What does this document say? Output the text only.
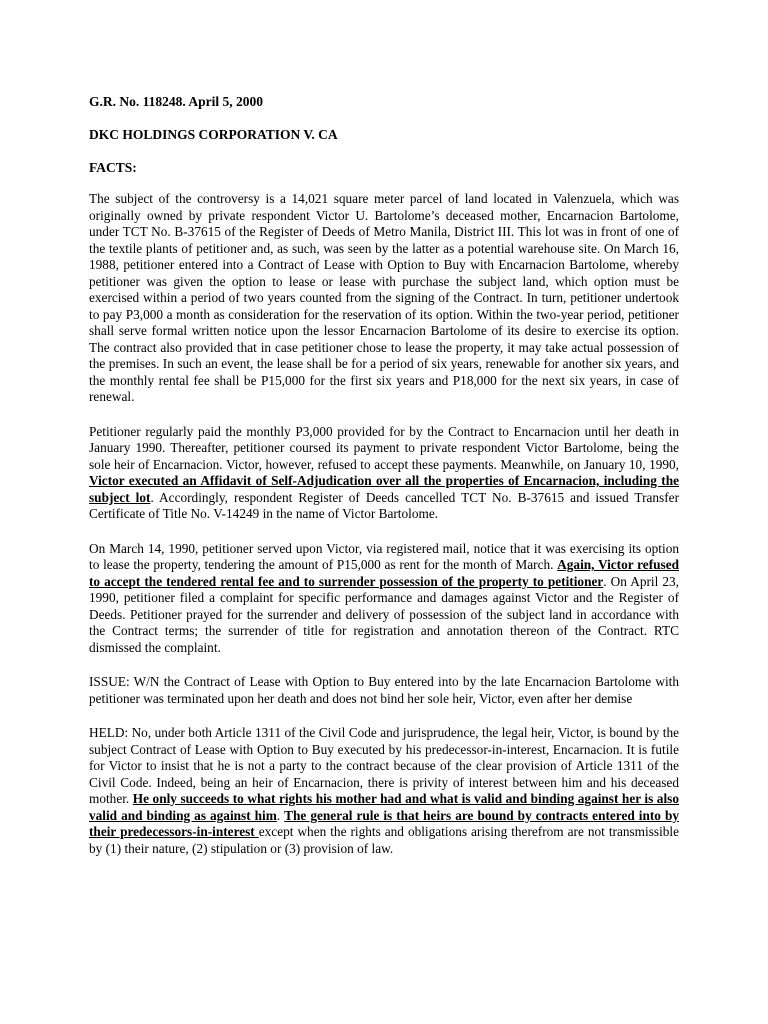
G.R. No. 118248. April 5, 2000

DKC HOLDINGS CORPORATION V. CA

FACTS:

The subject of the controversy is a 14,021 square meter parcel of land located in Valenzuela, which was originally owned by private respondent Victor U. Bartolome’s deceased mother, Encarnacion Bartolome, under TCT No. B-37615 of the Register of Deeds of Metro Manila, District III. This lot was in front of one of the textile plants of petitioner and, as such, was seen by the latter as a potential warehouse site. On March 16, 1988, petitioner entered into a Contract of Lease with Option to Buy with Encarnacion Bartolome, whereby petitioner was given the option to lease or lease with purchase the subject land, which option must be exercised within a period of two years counted from the signing of the Contract. In turn, petitioner undertook to pay P3,000 a month as consideration for the reservation of its option. Within the two-year period, petitioner shall serve formal written notice upon the lessor Encarnacion Bartolome of its desire to exercise its option. The contract also provided that in case petitioner chose to lease the property, it may take actual possession of the premises. In such an event, the lease shall be for a period of six years, renewable for another six years, and the monthly rental fee shall be P15,000 for the first six years and P18,000 for the next six years, in case of renewal.

Petitioner regularly paid the monthly P3,000 provided for by the Contract to Encarnacion until her death in January 1990. Thereafter, petitioner coursed its payment to private respondent Victor Bartolome, being the sole heir of Encarnacion. Victor, however, refused to accept these payments. Meanwhile, on January 10, 1990, Victor executed an Affidavit of Self-Adjudication over all the properties of Encarnacion, including the subject lot. Accordingly, respondent Register of Deeds cancelled TCT No. B-37615 and issued Transfer Certificate of Title No. V-14249 in the name of Victor Bartolome.

On March 14, 1990, petitioner served upon Victor, via registered mail, notice that it was exercising its option to lease the property, tendering the amount of P15,000 as rent for the month of March. Again, Victor refused to accept the tendered rental fee and to surrender possession of the property to petitioner. On April 23, 1990, petitioner filed a complaint for specific performance and damages against Victor and the Register of Deeds. Petitioner prayed for the surrender and delivery of possession of the subject land in accordance with the Contract terms; the surrender of title for registration and annotation thereon of the Contract. RTC dismissed the complaint.

ISSUE: W/N the Contract of Lease with Option to Buy entered into by the late Encarnacion Bartolome with petitioner was terminated upon her death and does not bind her sole heir, Victor, even after her demise

HELD: No, under both Article 1311 of the Civil Code and jurisprudence, the legal heir, Victor, is bound by the subject Contract of Lease with Option to Buy executed by his predecessor-in-interest, Encarnacion. It is futile for Victor to insist that he is not a party to the contract because of the clear provision of Article 1311 of the Civil Code. Indeed, being an heir of Encarnacion, there is privity of interest between him and his deceased mother. He only succeeds to what rights his mother had and what is valid and binding against her is also valid and binding as against him. The general rule is that heirs are bound by contracts entered into by their predecessors-in-interest except when the rights and obligations arising therefrom are not transmissible by (1) their nature, (2) stipulation or (3) provision of law.
